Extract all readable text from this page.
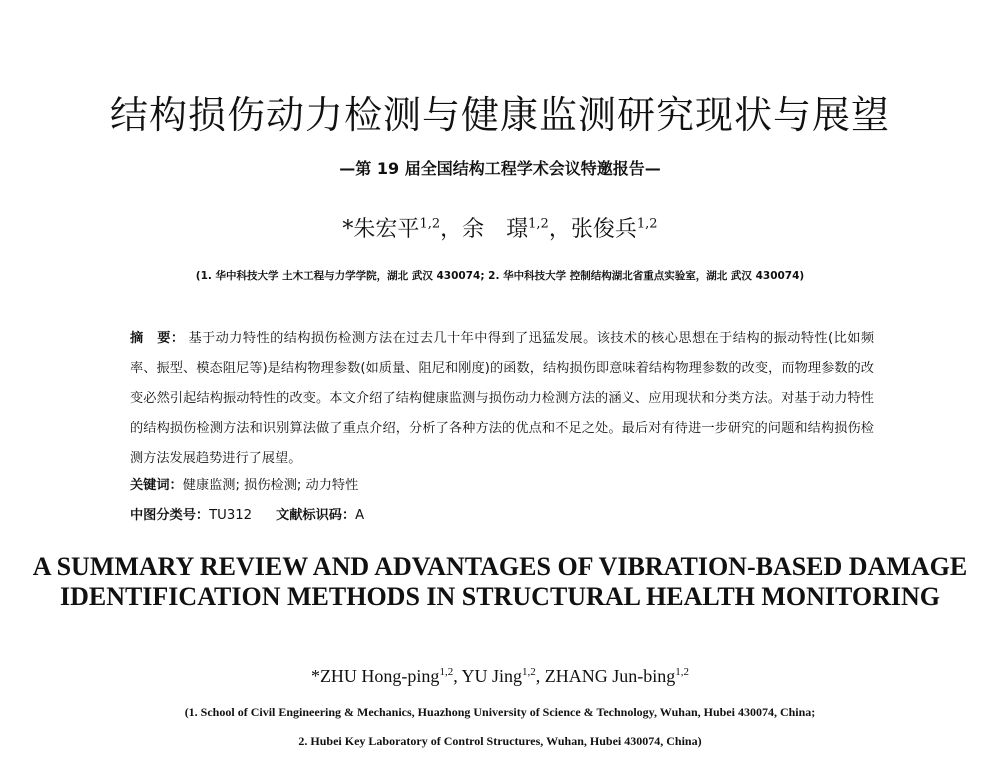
结构损伤动力检测与健康监测研究现状与展望
—第 19 届全国结构工程学术会议特邀报告—
*朱宏平$^{1,2}$，余　璟$^{1,2}$，张俊兵$^{1,2}$
(1. 华中科技大学 土木工程与力学学院，湖北 武汉 430074; 2. 华中科技大学 控制结构湖北省重点实验室，湖北 武汉 430074)
摘　要： 基于动力特性的结构损伤检测方法在过去几十年中得到了迅猛发展。该技术的核心思想在于结构的振动特性(比如频率、振型、模态阻尼等)是结构物理参数(如质量、阻尼和刚度)的函数，结构损伤即意味着结构物理参数的改变，而物理参数的改变必然引起结构振动特性的改变。本文介绍了结构健康监测与损伤动力检测方法的涵义、应用现状和分类方法。对基于动力特性的结构损伤检测方法和识别算法做了重点介绍，分析了各种方法的优点和不足之处。最后对有待进一步研究的问题和结构损伤检测方法发展趋势进行了展望。
关键词：健康监测; 损伤检测; 动力特性
中图分类号：TU312 文献标识码：A
A SUMMARY REVIEW AND ADVANTAGES OF VIBRATION-BASED DAMAGE IDENTIFICATION METHODS IN STRUCTURAL HEALTH MONITORING
*ZHU Hong-ping$^{1,2}$, YU Jing$^{1,2}$, ZHANG Jun-bing$^{1,2}$
(1. School of Civil Engineering & Mechanics, Huazhong University of Science & Technology, Wuhan, Hubei 430074, China;
2. Hubei Key Laboratory of Control Structures, Wuhan, Hubei 430074, China)
